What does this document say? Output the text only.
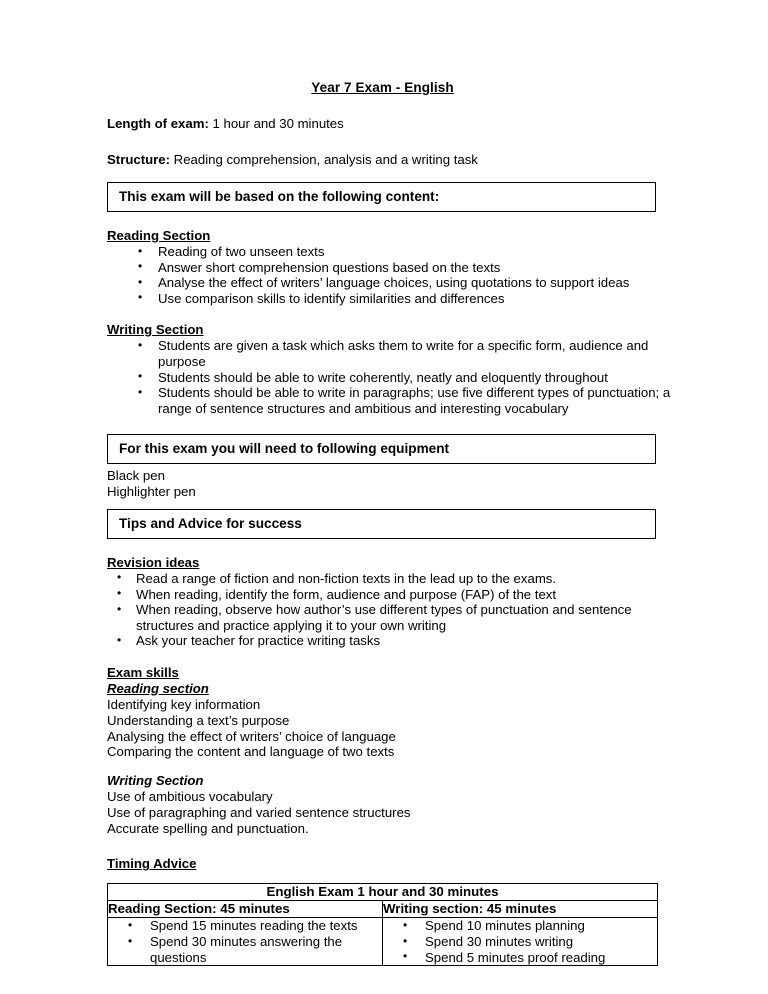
Year 7 Exam - English
Length of exam: 1 hour and 30 minutes
Structure: Reading comprehension, analysis and a writing task
This exam will be based on the following content:
Reading Section
• Reading of two unseen texts
• Answer short comprehension questions based on the texts
• Analyse the effect of writers’ language choices, using quotations to support ideas
• Use comparison skills to identify similarities and differences
Writing Section
• Students are given a task which asks them to write for a specific form, audience and purpose
• Students should be able to write coherently, neatly and eloquently throughout
• Students should be able to write in paragraphs; use five different types of punctuation; a range of sentence structures and ambitious and interesting vocabulary
For this exam you will need to following equipment
Black pen
Highlighter pen
Tips and Advice for success
Revision ideas
• Read a range of fiction and non-fiction texts in the lead up to the exams.
• When reading, identify the form, audience and purpose (FAP) of the text
• When reading, observe how author’s use different types of punctuation and sentence structures and practice applying it to your own writing
• Ask your teacher for practice writing tasks
Exam skills
Reading section
Identifying key information
Understanding a text’s purpose
Analysing the effect of writers’ choice of language
Comparing the content and language of two texts
Writing Section
Use of ambitious vocabulary
Use of paragraphing and varied sentence structures
Accurate spelling and punctuation.
Timing Advice
English Exam 1 hour and 30 minutes	
Reading Section: 45 minutes	Writing section: 45 minutes

• Spend 15 minutes reading the texts
• Spend 30 minutes answering the questions

• Spend 10 minutes planning
• Spend 30 minutes writing
• Spend 5 minutes proof reading
